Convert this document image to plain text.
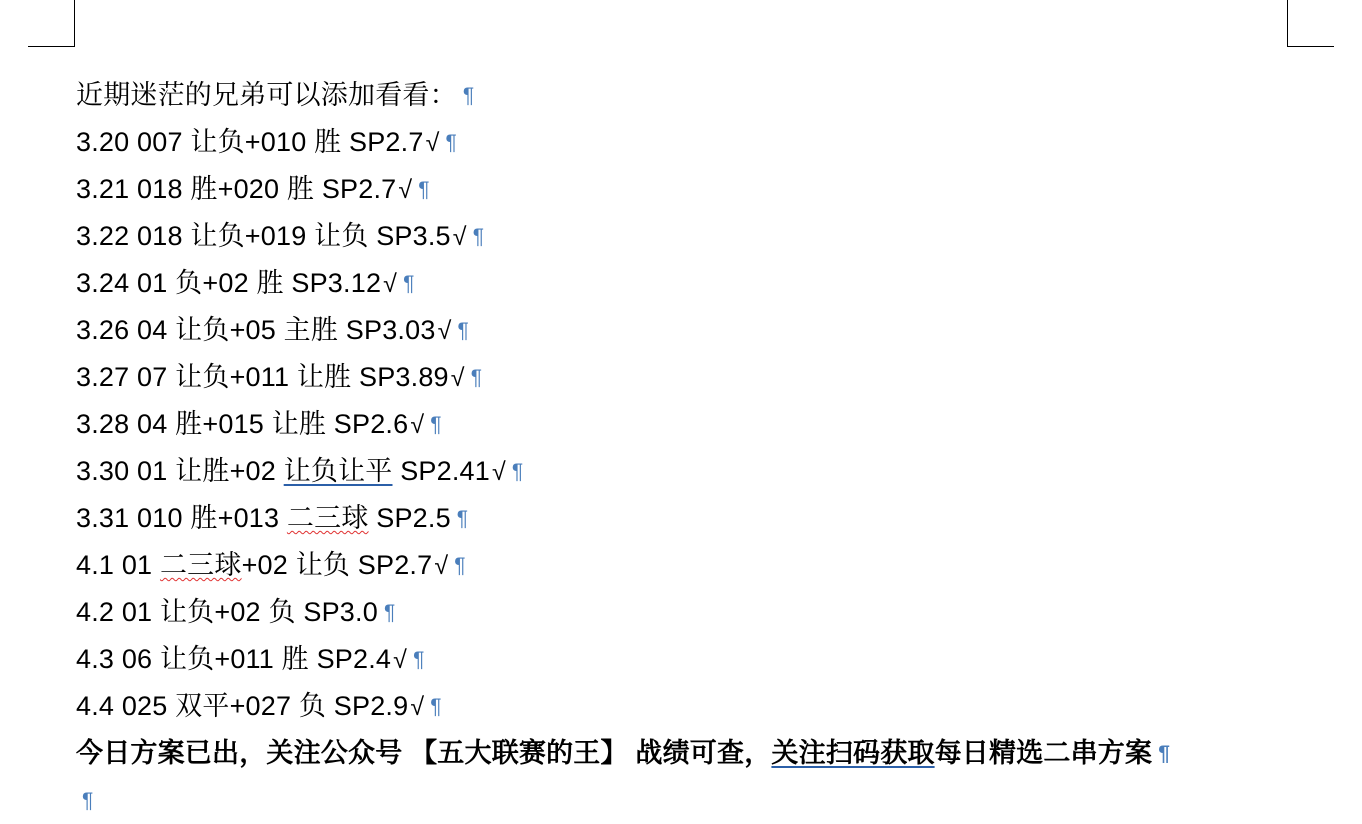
近期迷茫的兄弟可以添加看看： ¶
3.20 007 让负+010 胜 SP2.7√ ¶
3.21 018 胜+020 胜 SP2.7√ ¶
3.22 018 让负+019 让负 SP3.5√ ¶
3.24 01 负+02 胜 SP3.12√ ¶
3.26 04 让负+05 主胜 SP3.03√ ¶
3.27 07 让负+011 让胜 SP3.89√ ¶
3.28 04 胜+015 让胜 SP2.6√ ¶
3.30 01 让胜+02 让负让平 SP2.41√ ¶
3.31 010 胜+013 二三球 SP2.5 ¶
4.1 01 二三球+02 让负 SP2.7√ ¶
4.2 01 让负+02 负 SP3.0 ¶
4.3 06 让负+011 胜 SP2.4√ ¶
4.4 025 双平+027 负 SP2.9√ ¶
今日方案已出，关注公众号 【五大联赛的王】 战绩可查，关注扫码获取每日精选二串方案 ¶
¶
